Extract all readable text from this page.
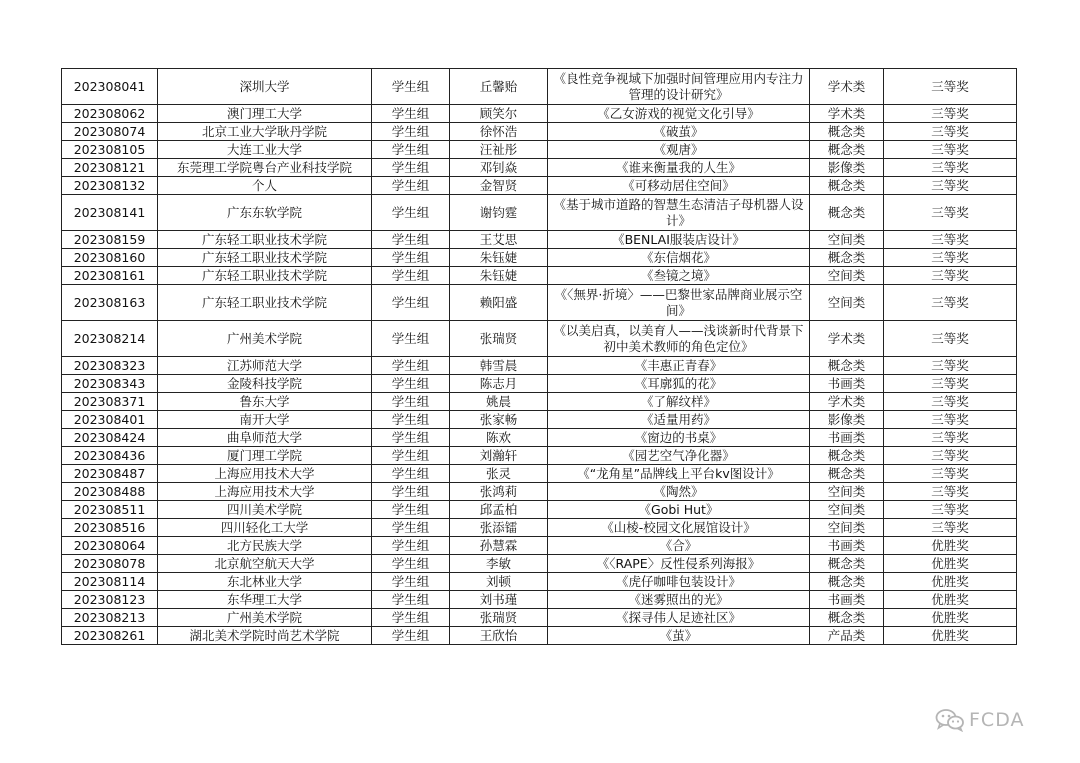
202308041	深圳大学	学生组	丘馨贻	《良性竞争视域下加强时间管理应用内专注力管理的设计研究》	学术类	三等奖
202308062	澳门理工大学	学生组	顾笑尔	《乙女游戏的视觉文化引导》	学术类	三等奖
202308074	北京工业大学耿丹学院	学生组	徐怀浩	《破茧》	概念类	三等奖
202308105	大连工业大学	学生组	汪祉彤	《观唐》	概念类	三等奖
202308121	东莞理工学院粤台产业科技学院	学生组	邓钊焱	《谁来衡量我的人生》	影像类	三等奖
202308132	个人	学生组	金智贤	《可移动居住空间》	概念类	三等奖
202308141	广东东软学院	学生组	谢钧霆	《基于城市道路的智慧生态清洁子母机器人设计》	概念类	三等奖
202308159	广东轻工职业技术学院	学生组	王艾思	《BENLAI服装店设计》	空间类	三等奖
202308160	广东轻工职业技术学院	学生组	朱钰婕	《东信烟花》	概念类	三等奖
202308161	广东轻工职业技术学院	学生组	朱钰婕	《叁镜之境》	空间类	三等奖
202308163	广东轻工职业技术学院	学生组	赖阳盛	《〈無界·折境〉——巴黎世家品牌商业展示空间》	空间类	三等奖
202308214	广州美术学院	学生组	张瑞贤	《以美启真，以美育人——浅谈新时代背景下初中美术教师的角色定位》	学术类	三等奖
202308323	江苏师范大学	学生组	韩雪晨	《丰惠正青春》	概念类	三等奖
202308343	金陵科技学院	学生组	陈志月	《耳廓狐的花》	书画类	三等奖
202308371	鲁东大学	学生组	姚晨	《了解纹样》	学术类	三等奖
202308401	南开大学	学生组	张家畅	《适量用药》	影像类	三等奖
202308424	曲阜师范大学	学生组	陈欢	《窗边的书桌》	书画类	三等奖
202308436	厦门理工学院	学生组	刘瀚轩	《园艺空气净化器》	概念类	三等奖
202308487	上海应用技术大学	学生组	张灵	《“龙角星”品牌线上平台kv图设计》	概念类	三等奖
202308488	上海应用技术大学	学生组	张鸿莉	《陶然》	空间类	三等奖
202308511	四川美术学院	学生组	邱孟柏	《Gobi Hut》	空间类	三等奖
202308516	四川轻化工大学	学生组	张添镭	《山棱-校园文化展馆设计》	空间类	三等奖
202308064	北方民族大学	学生组	孙慧霖	《合》	书画类	优胜奖
202308078	北京航空航天大学	学生组	李敏	《〈RAPE〉反性侵系列海报》	概念类	优胜奖
202308114	东北林业大学	学生组	刘顿	《虎仔咖啡包装设计》	概念类	优胜奖
202308123	东华理工大学	学生组	刘书瑾	《迷雾照出的光》	书画类	优胜奖
202308213	广州美术学院	学生组	张瑞贤	《探寻伟人足迹社区》	概念类	优胜奖
202308261	湖北美术学院时尚艺术学院	学生组	王欣怡	《茧》	产品类	优胜奖
FCDA
